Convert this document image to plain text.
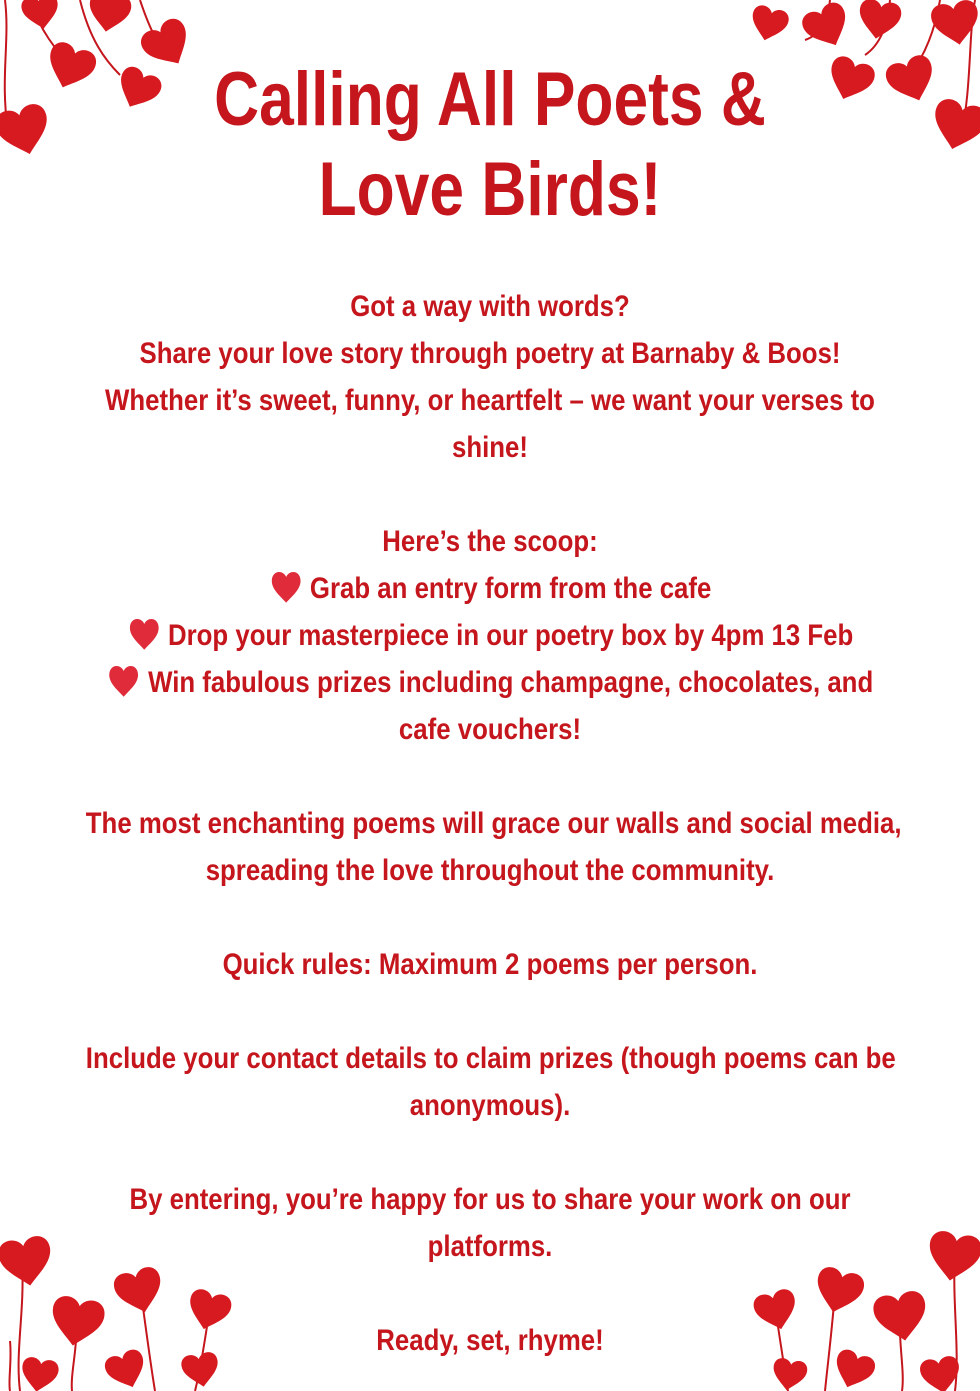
Calling All Poets &
Love Birds!

Got a way with words?
Share your love story through poetry at Barnaby & Boos!
Whether it’s sweet, funny, or heartfelt – we want your verses to
shine!

Here’s the scoop:
Grab an entry form from the cafe
Drop your masterpiece in our poetry box by 4pm 13 Feb
Win fabulous prizes including champagne, chocolates, and
cafe vouchers!

The most enchanting poems will grace our walls and social media,
spreading the love throughout the community.

Quick rules: Maximum 2 poems per person.

Include your contact details to claim prizes (though poems can be
anonymous).

By entering, you’re happy for us to share your work on our
platforms.

Ready, set, rhyme!
